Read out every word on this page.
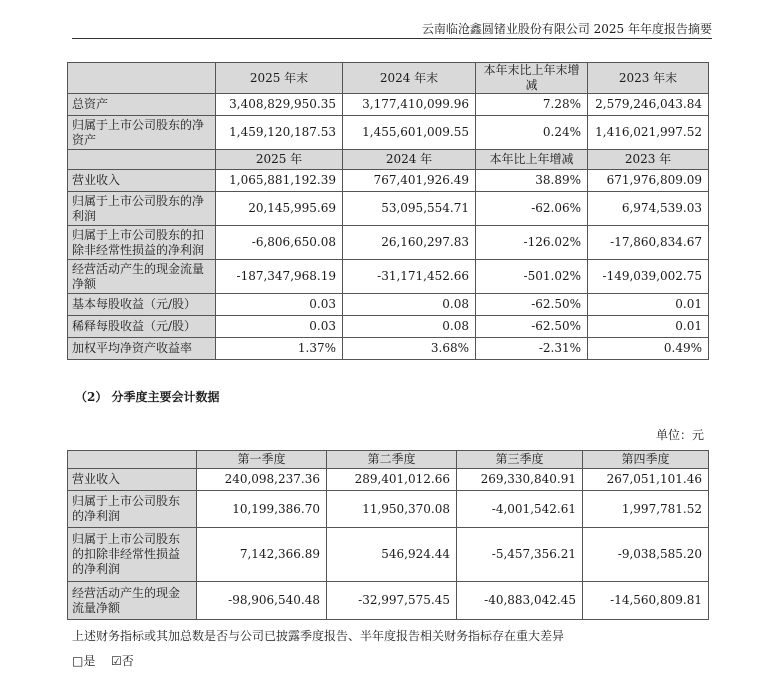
云南临沧鑫圆锗业股份有限公司 2025 年年度报告摘要
	2025 年末	2024 年末	本年末比上年末增减	2023 年末
总资产	3,408,829,950.35	3,177,410,099.96	7.28%	2,579,246,043.84
归属于上市公司股东的净资产	1,459,120,187.53	1,455,601,009.55	0.24%	1,416,021,997.52
	2025 年	2024 年	本年比上年增减	2023 年
营业收入	1,065,881,192.39	767,401,926.49	38.89%	671,976,809.09
归属于上市公司股东的净利润	20,145,995.69	53,095,554.71	-62.06%	6,974,539.03
归属于上市公司股东的扣除非经常性损益的净利润	-6,806,650.08	26,160,297.83	-126.02%	-17,860,834.67
经营活动产生的现金流量净额	-187,347,968.19	-31,171,452.66	-501.02%	-149,039,002.75
基本每股收益（元/股）	0.03	0.08	-62.50%	0.01
稀释每股收益（元/股）	0.03	0.08	-62.50%	0.01
加权平均净资产收益率	1.37%	3.68%	-2.31%	0.49%
（2） 分季度主要会计数据
单位：元
	第一季度	第二季度	第三季度	第四季度
营业收入	240,098,237.36	289,401,012.66	269,330,840.91	267,051,101.46
归属于上市公司股东的净利润	10,199,386.70	11,950,370.08	-4,001,542.61	1,997,781.52
归属于上市公司股东的扣除非经常性损益的净利润	7,142,366.89	546,924.44	-5,457,356.21	-9,038,585.20
经营活动产生的现金流量净额	-98,906,540.48	-32,997,575.45	-40,883,042.45	-14,560,809.81
上述财务指标或其加总数是否与公司已披露季度报告、半年度报告相关财务指标存在重大差异
□是 ☑否
